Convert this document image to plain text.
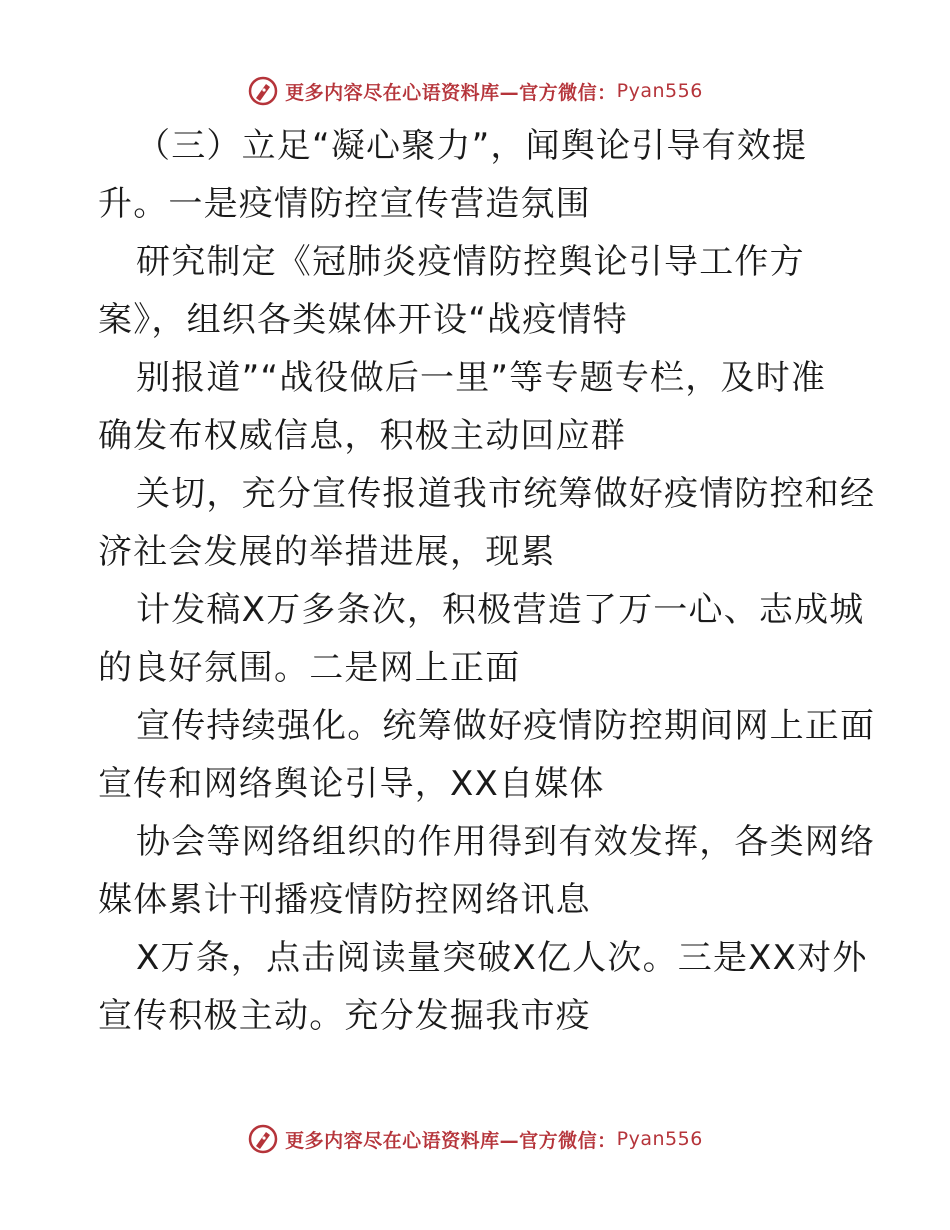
更多内容尽在心语资料库—官方微信： Pyan556
（三）立足“凝心聚力”，闻舆论引导有效提
升。一是疫情防控宣传营造氛围
研究制定《冠肺炎疫情防控舆论引导工作方
案》，组织各类媒体开设“战疫情特
别报道”“战役做后一里”等专题专栏，及时准
确发布权威信息，积极主动回应群
关切，充分宣传报道我市统筹做好疫情防控和经
济社会发展的举措进展，现累
计发稿X万多条次，积极营造了万一心、志成城
的良好氛围。二是网上正面
宣传持续强化。统筹做好疫情防控期间网上正面
宣传和网络舆论引导，XX自媒体
协会等网络组织的作用得到有效发挥，各类网络
媒体累计刊播疫情防控网络讯息
X万条，点击阅读量突破X亿人次。三是XX对外
宣传积极主动。充分发掘我市疫
更多内容尽在心语资料库—官方微信： Pyan556
